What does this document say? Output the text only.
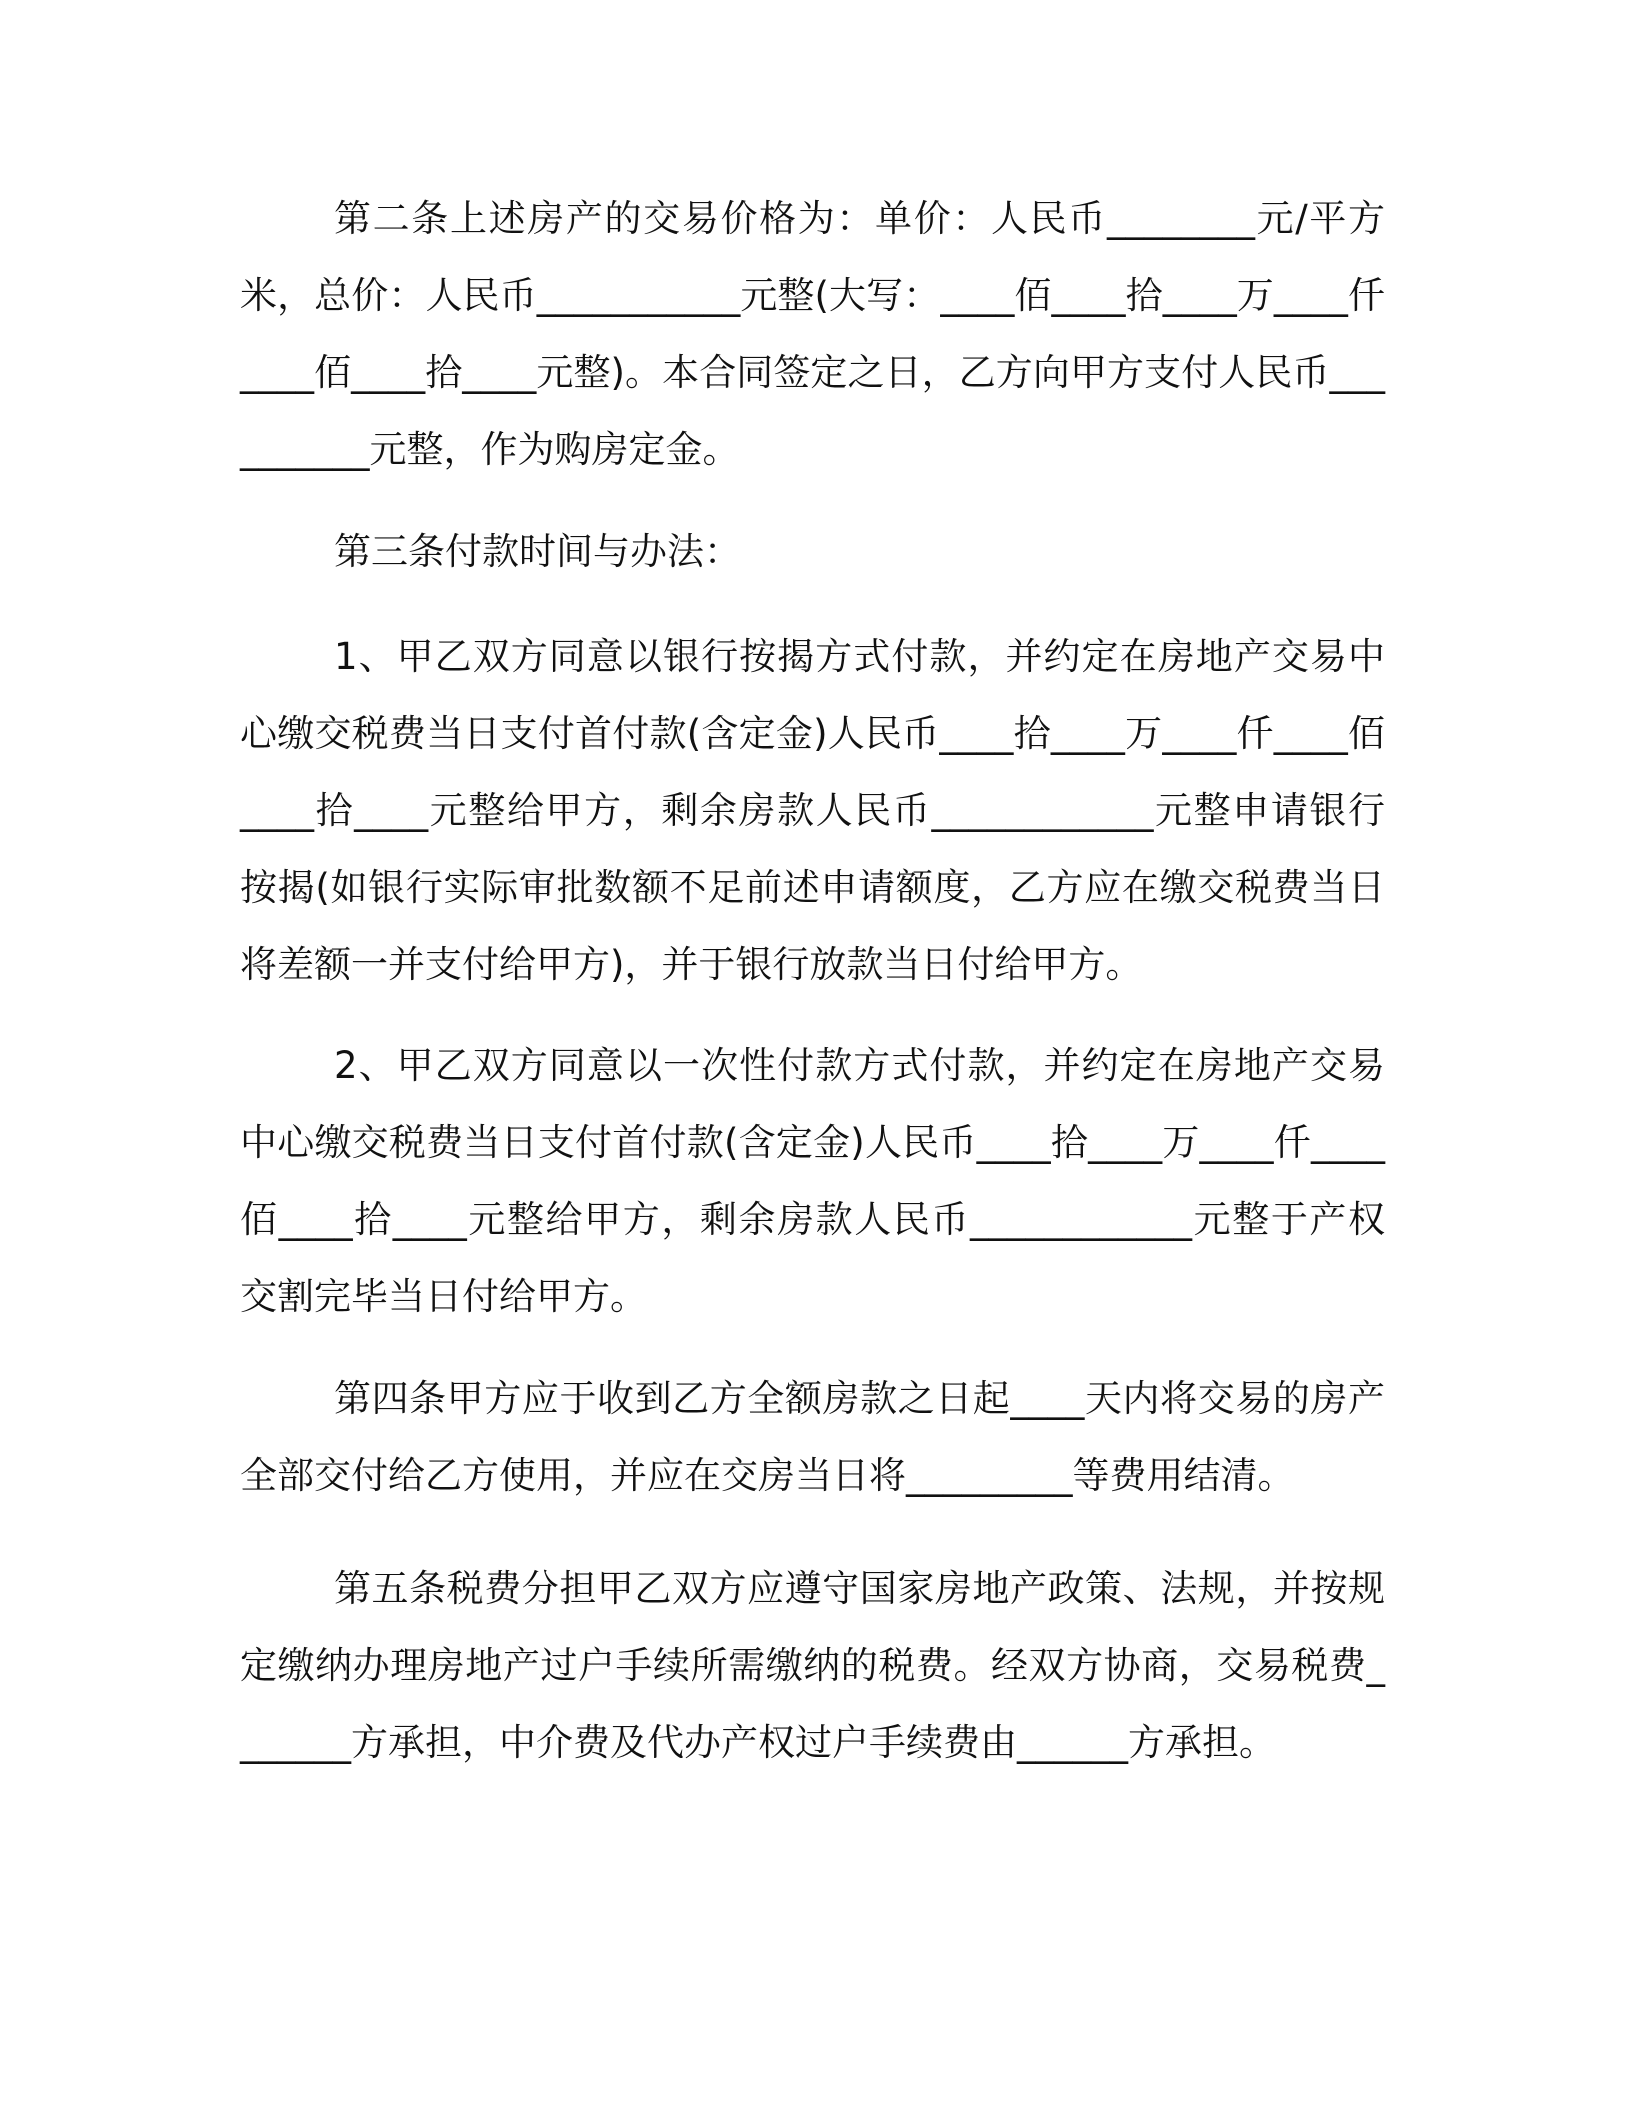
第二条上述房产的交易价格为：单价：人民币________元/平方米，总价：人民币___________元整(大写：____佰____拾____万____仟____佰____拾____元整)。本合同签定之日，乙方向甲方支付人民币__________元整，作为购房定金。

第三条付款时间与办法：

1、甲乙双方同意以银行按揭方式付款，并约定在房地产交易中心缴交税费当日支付首付款(含定金)人民币____拾____万____仟____佰____拾____元整给甲方，剩余房款人民币____________元整申请银行按揭(如银行实际审批数额不足前述申请额度，乙方应在缴交税费当日将差额一并支付给甲方)，并于银行放款当日付给甲方。

2、甲乙双方同意以一次性付款方式付款，并约定在房地产交易中心缴交税费当日支付首付款(含定金)人民币____拾____万____仟____佰____拾____元整给甲方，剩余房款人民币____________元整于产权交割完毕当日付给甲方。

第四条甲方应于收到乙方全额房款之日起____天内将交易的房产全部交付给乙方使用，并应在交房当日将_________等费用结清。

第五条税费分担甲乙双方应遵守国家房地产政策、法规，并按规定缴纳办理房地产过户手续所需缴纳的税费。经双方协商，交易税费_______方承担，中介费及代办产权过户手续费由______方承担。
